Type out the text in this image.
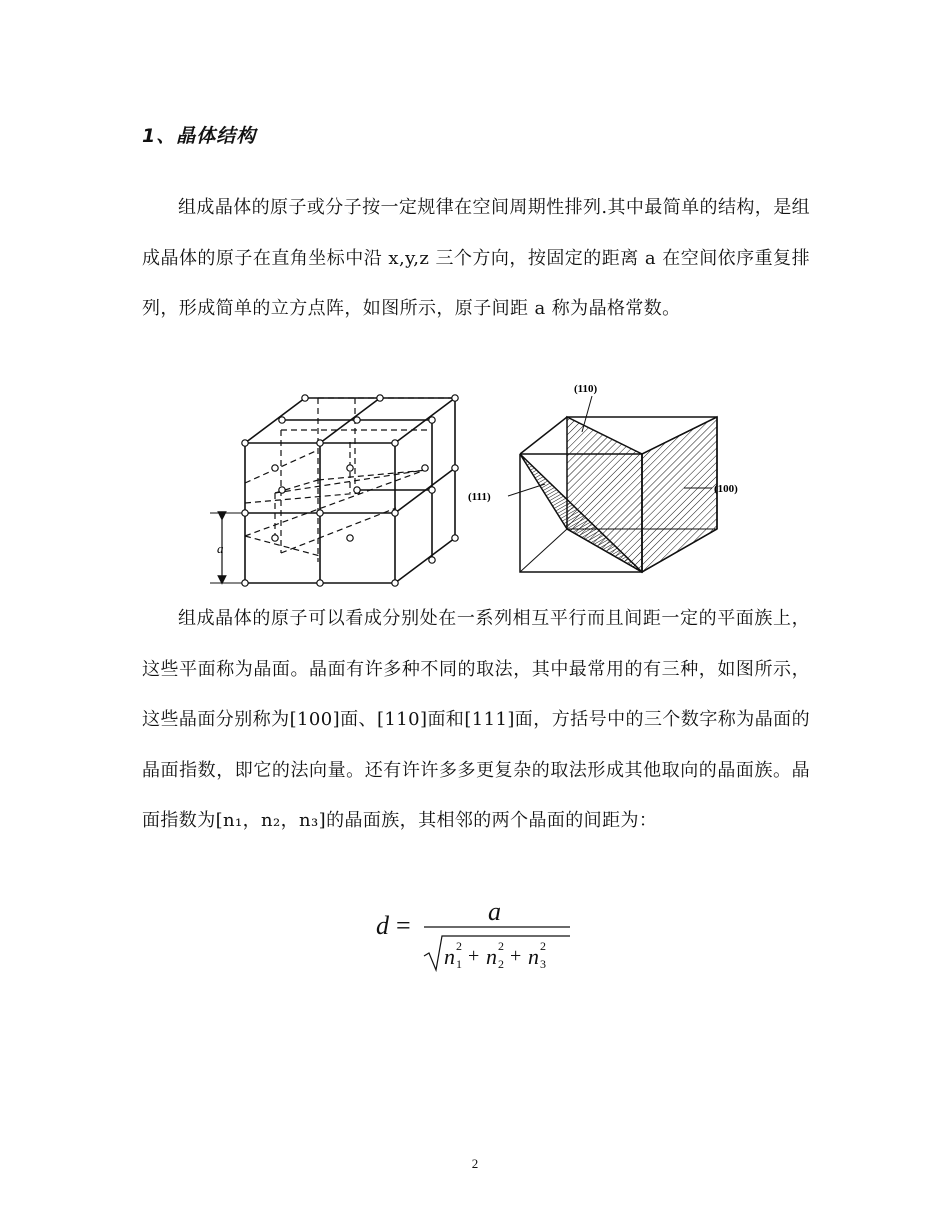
1、晶体结构

组成晶体的原子或分子按一定规律在空间周期性排列.其中最简单的结构，是组成晶体的原子在直角坐标中沿 x,y,z 三个方向，按固定的距离 a 在空间依序重复排列，形成简单的立方点阵，如图所示，原子间距 a 称为晶格常数。

a
(110)
(111)
(100)

组成晶体的原子可以看成分别处在一系列相互平行而且间距一定的平面族上，这些平面称为晶面。晶面有许多种不同的取法，其中最常用的有三种，如图所示，这些晶面分别称为[100]面、[110]面和[111]面，方括号中的三个数字称为晶面的晶面指数，即它的法向量。还有许许多多更复杂的取法形成其他取向的晶面族。晶面指数为[n₁，n₂，n₃]的晶面族，其相邻的两个晶面的间距为：

d =	a
n 2
1 + n 2
2 + n 2
3
2
